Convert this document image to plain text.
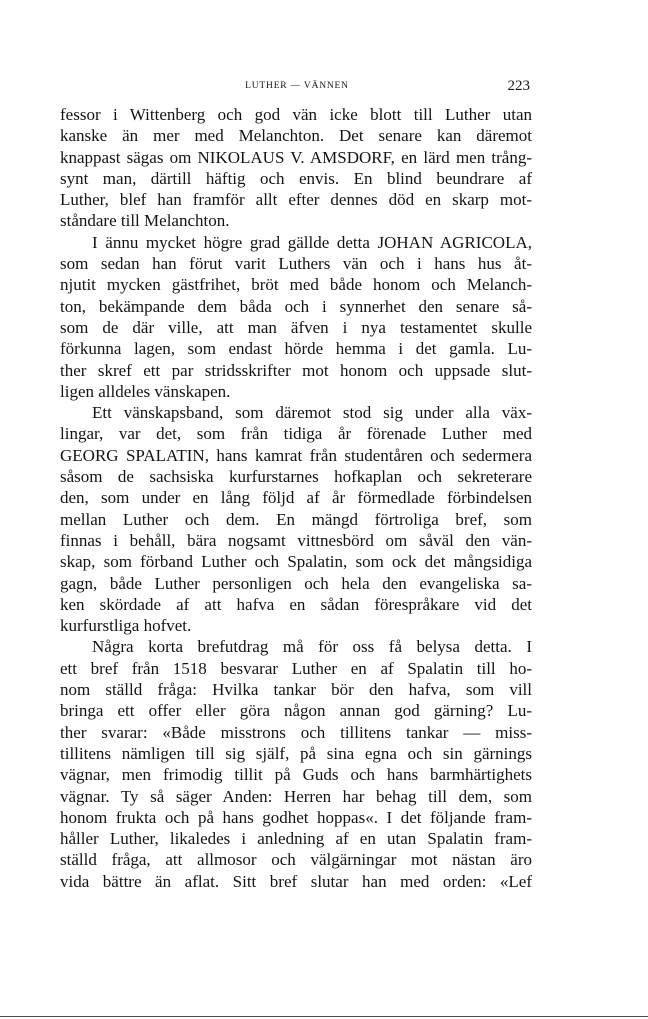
LUTHER — VÄNNEN	223
fessor i Wittenberg och god vän icke blott till Luther utan
kanske än mer med Melanchton. Det senare kan däremot
knappast sägas om NIKOLAUS V. AMSDORF, en lärd men trång-
synt man, därtill häftig och envis. En blind beundrare af
Luther, blef han framför allt efter dennes död en skarp mot-
ståndare till Melanchton.
I ännu mycket högre grad gällde detta JOHAN AGRICOLA,
som sedan han förut varit Luthers vän och i hans hus åt-
njutit mycken gästfrihet, bröt med både honom och Melanch-
ton, bekämpande dem båda och i synnerhet den senare så-
som de där ville, att man äfven i nya testamentet skulle
förkunna lagen, som endast hörde hemma i det gamla. Lu-
ther skref ett par stridsskrifter mot honom och uppsade slut-
ligen alldeles vänskapen.
Ett vänskapsband, som däremot stod sig under alla väx-
lingar, var det, som från tidiga år förenade Luther med
GEORG SPALATIN, hans kamrat från studentåren och sedermera
såsom de sachsiska kurfurstarnes hofkaplan och sekreterare
den, som under en lång följd af år förmedlade förbindelsen
mellan Luther och dem. En mängd förtroliga bref, som
finnas i behåll, bära nogsamt vittnesbörd om såväl den vän-
skap, som förband Luther och Spalatin, som ock det mångsidiga
gagn, både Luther personligen och hela den evangeliska sa-
ken skördade af att hafva en sådan förespråkare vid det
kurfurstliga hofvet.
Några korta brefutdrag må för oss få belysa detta. I
ett bref från 1518 besvarar Luther en af Spalatin till ho-
nom ställd fråga: Hvilka tankar bör den hafva, som vill
bringa ett offer eller göra någon annan god gärning? Lu-
ther svarar: «Både misstrons och tillitens tankar — miss-
tillitens nämligen till sig själf, på sina egna och sin gärnings
vägnar, men frimodig tillit på Guds och hans barmhärtighets
vägnar. Ty så säger Anden: Herren har behag till dem, som
honom frukta och på hans godhet hoppas«. I det följande fram-
håller Luther, likaledes i anledning af en utan Spalatin fram-
ställd fråga, att allmosor och välgärningar mot nästan äro
vida bättre än aflat. Sitt bref slutar han med orden: «Lef
